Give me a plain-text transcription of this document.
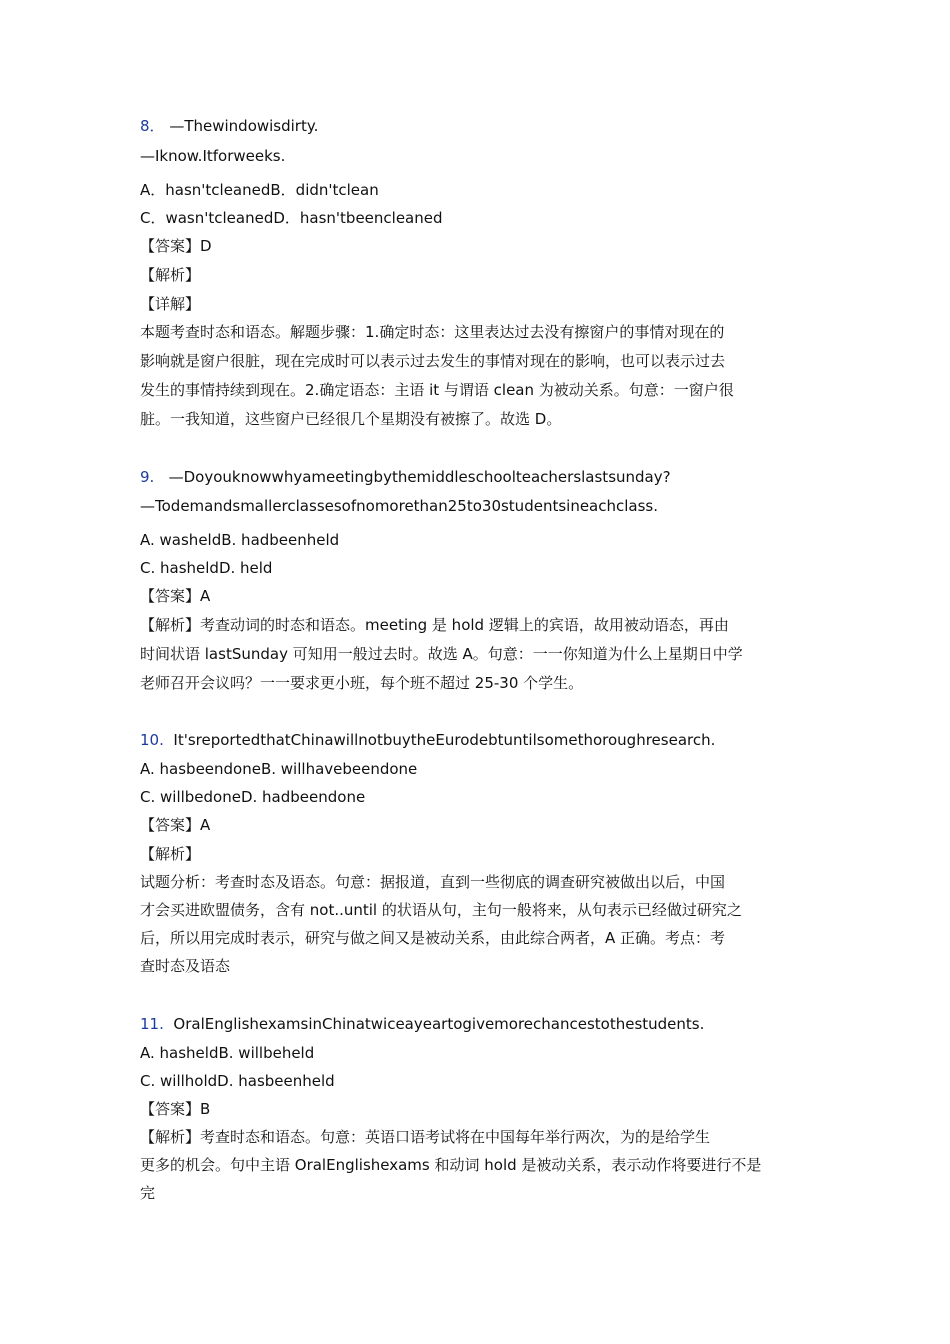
8． —Thewindowisdirty.

—Iknow.Itforweeks.

A．hasn'tcleanedB．didn'tclean

C．wasn'tcleanedD．hasn'tbeencleaned

【答案】D

【解析】

【详解】

本题考查时态和语态。解题步骤：1.确定时态：这里表达过去没有擦窗户的事情对现在的

影响就是窗户很脏，现在完成时可以表示过去发生的事情对现在的影响，也可以表示过去

发生的事情持续到现在。2.确定语态：主语 it 与谓语 clean 为被动关系。句意：一窗户很

脏。一我知道，这些窗户已经很几个星期没有被擦了。故选 D。

9. —Doyouknowwhyameetingbythemiddleschoolteacherslastsunday?

—Todemandsmallerclassesofnomorethan25to30studentsineachclass.

A. washeldB. hadbeenheld

C. hasheldD. held

【答案】A

【解析】考查动词的时态和语态。meeting 是 hold 逻辑上的宾语，故用被动语态，再由

时间状语 lastSunday 可知用一般过去时。故选 A。句意：一一你知道为什么上星期日中学

老师召开会议吗？一一要求更小班，每个班不超过 25-30 个学生。

10. It'sreportedthatChinawillnotbuytheEurodebtuntilsomethoroughresearch.

A. hasbeendoneB. willhavebeendone

C. willbedoneD. hadbeendone

【答案】A

【解析】

试题分析：考查时态及语态。句意：据报道，直到一些彻底的调查研究被做出以后，中国

才会买进欧盟债务，含有 not..until 的状语从句，主句一般将来，从句表示已经做过研究之

后，所以用完成时表示，研究与做之间又是被动关系，由此综合两者，A 正确。考点：考

查时态及语态

11. OralEnglishexamsinChinatwiceayeartogivemorechancestothestudents.

A. hasheldB. willbeheld

C. willholdD. hasbeenheld

【答案】B

【解析】考查时态和语态。句意：英语口语考试将在中国每年举行两次，为的是给学生

更多的机会。句中主语 OralEnglishexams 和动词 hold 是被动关系，表示动作将要进行不是

完
